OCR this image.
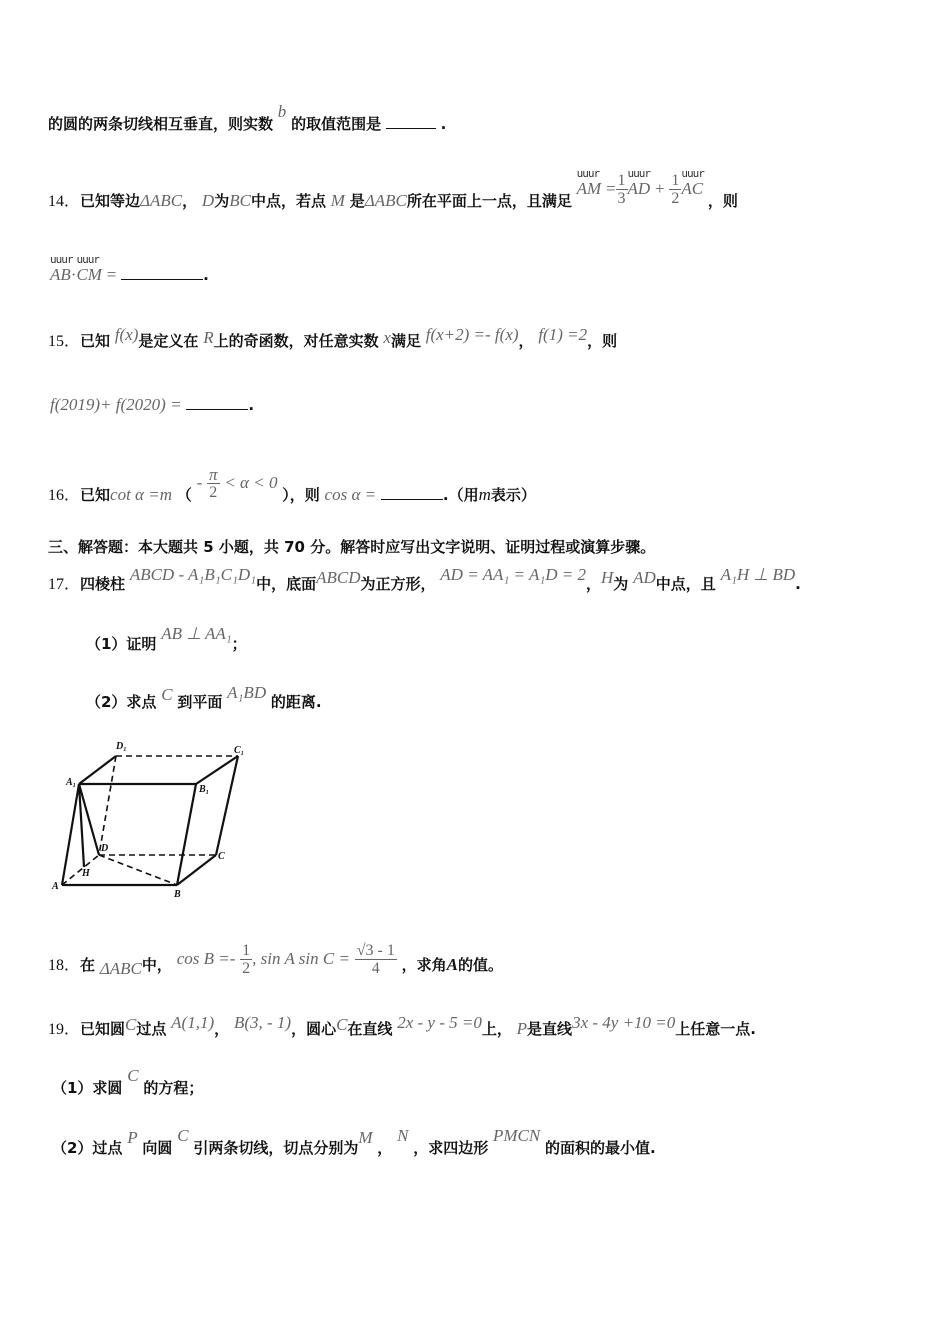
的圆的两条切线相互垂直，则实数 b 的取值范围是	.
14．已知等边ΔABC， D为BC中点，若点 M 是ΔABC所在平面上一点，且满足
uuur
AM = $\frac{1}{3}$ uuur
AD + $\frac{1}{2}$ uuur
AC ，则
uuur
AB·
uuur
CM =	.
15．已知 f(x)是定义在 R上的奇函数，对任意实数 x满足 f(x+2) =- f(x)， f(1) =2，则
f(2019)+ f(2020) =	.
16．已知cot α =m （ - $\frac{\pi}{2} < \alpha < 0$ ），则 cos α =	.（用m表示）
三、解答题：本大题共 5 小题，共 70 分。解答时应写出文字说明、证明过程或演算步骤。
17．四棱柱 ABCD - A₁B₁C₁D₁中，底面ABCD为正方形， AD = AA₁ = A₁D = 2，H为 AD中点，且 A₁H ⊥ BD.
（1）证明 AB ⊥ AA₁；
（2）求点 C 到平面 A₁BD 的距离.
D₁	C₁
A₁
B₁
D
C
H
A
B
18．在 ΔABC中， $\cos B =- \frac{1}{2}$ , sin A $\sin C = \frac{√3 - 1}{4}$ ，求角A的值。
19．已知圆C过点 A(1,1)， B(3, - 1)，圆心C在直线 2x - y - 5 =0上， P是直线3x - 4y +10 =0上任意一点.
（1）求圆 C 的方程；
（2）过点 P 向圆 C 引两条切线，切点分别为M ， N ，求四边形 PMCN 的面积的最小值.
